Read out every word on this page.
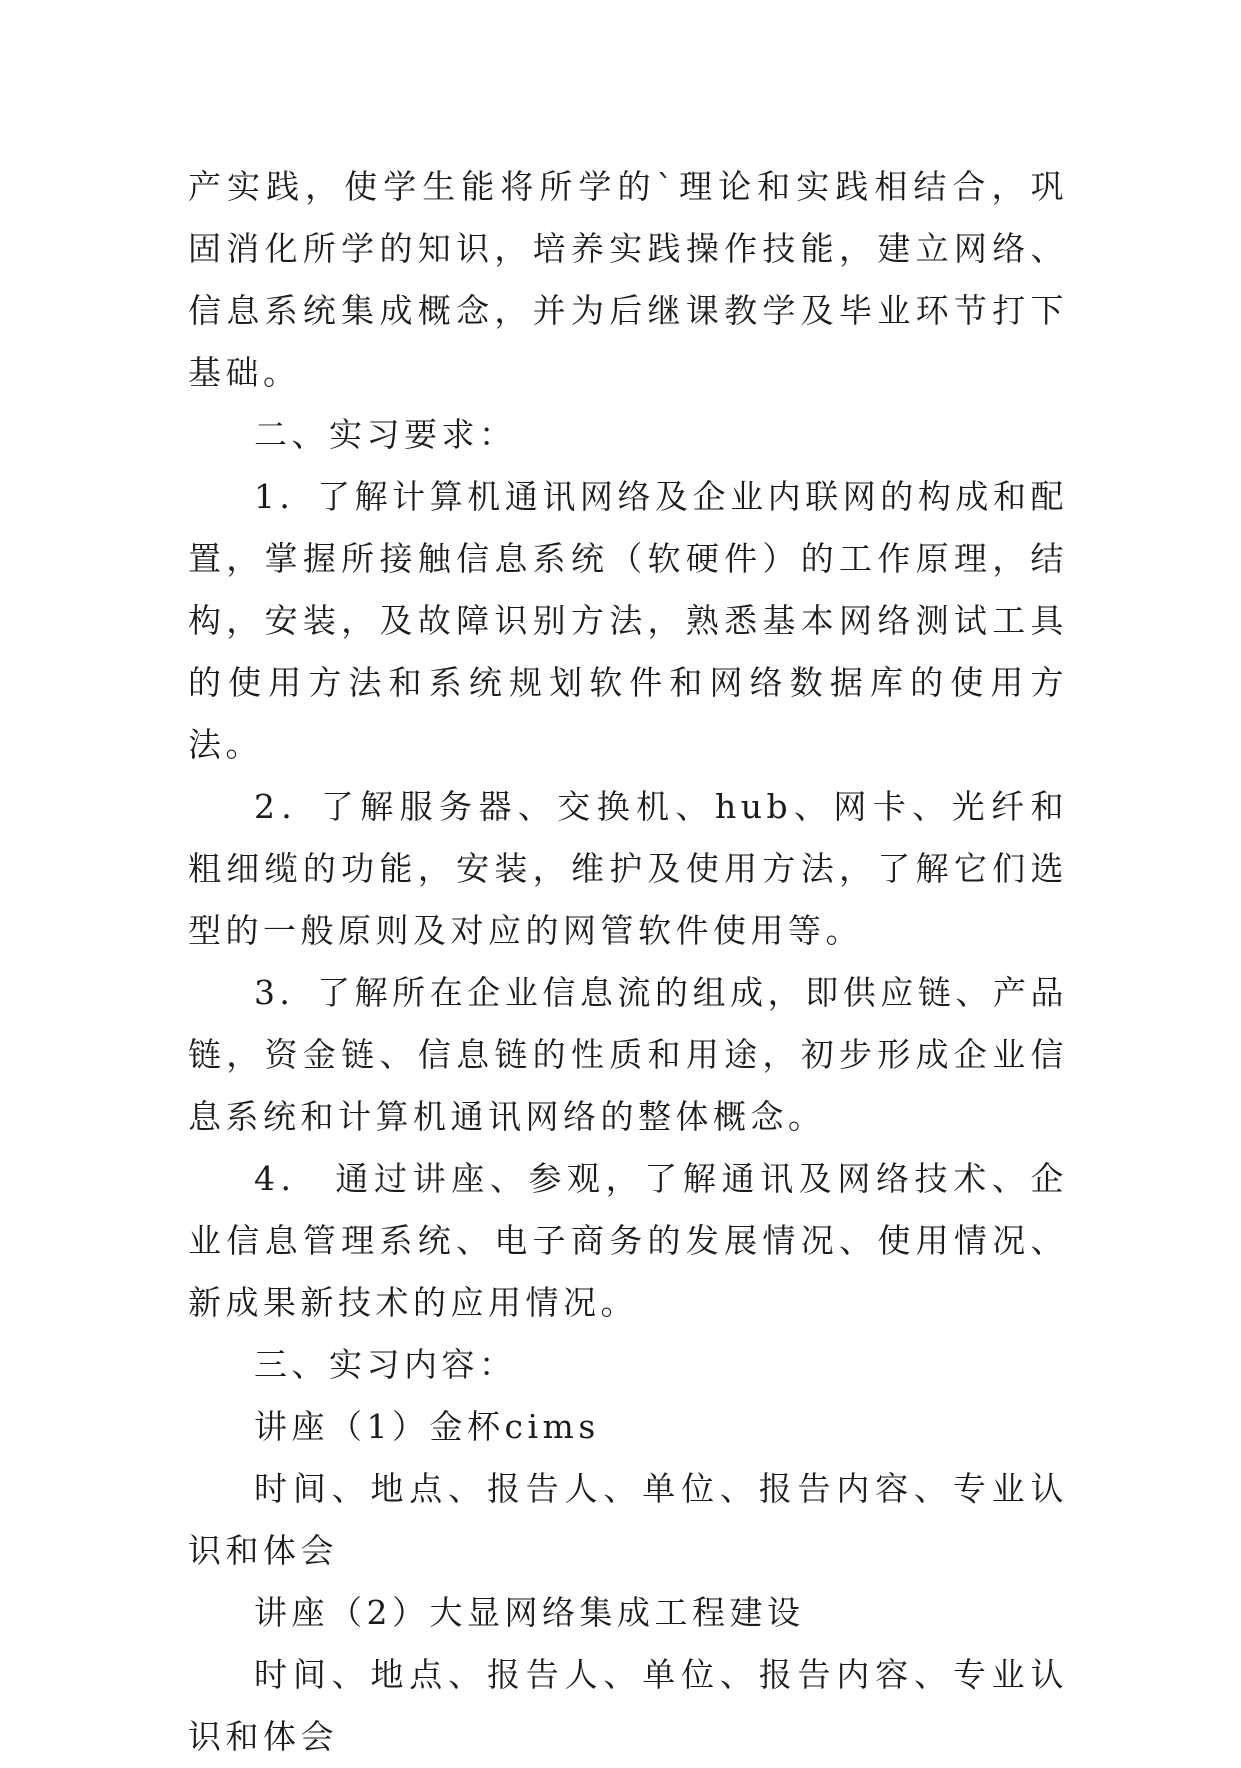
产实践，使学生能将所学的`理论和实践相结合，巩固消化所学的知识，培养实践操作技能，建立网络、信息系统集成概念，并为后继课教学及毕业环节打下基础。

二、实习要求：

1．了解计算机通讯网络及企业内联网的构成和配置，掌握所接触信息系统（软硬件）的工作原理，结构，安装，及故障识别方法，熟悉基本网络测试工具的使用方法和系统规划软件和网络数据库的使用方法。

2．了解服务器、交换机、hub、网卡、光纤和粗细缆的功能，安装，维护及使用方法，了解它们选型的一般原则及对应的网管软件使用等。

3．了解所在企业信息流的组成，即供应链、产品链，资金链、信息链的性质和用途，初步形成企业信息系统和计算机通讯网络的整体概念。

4． 通过讲座、参观，了解通讯及网络技术、企业信息管理系统、电子商务的发展情况、使用情况、新成果新技术的应用情况。

三、实习内容：

讲座（1）金杯cims

时间、地点、报告人、单位、报告内容、专业认识和体会

讲座（2）大显网络集成工程建设

时间、地点、报告人、单位、报告内容、专业认识和体会
